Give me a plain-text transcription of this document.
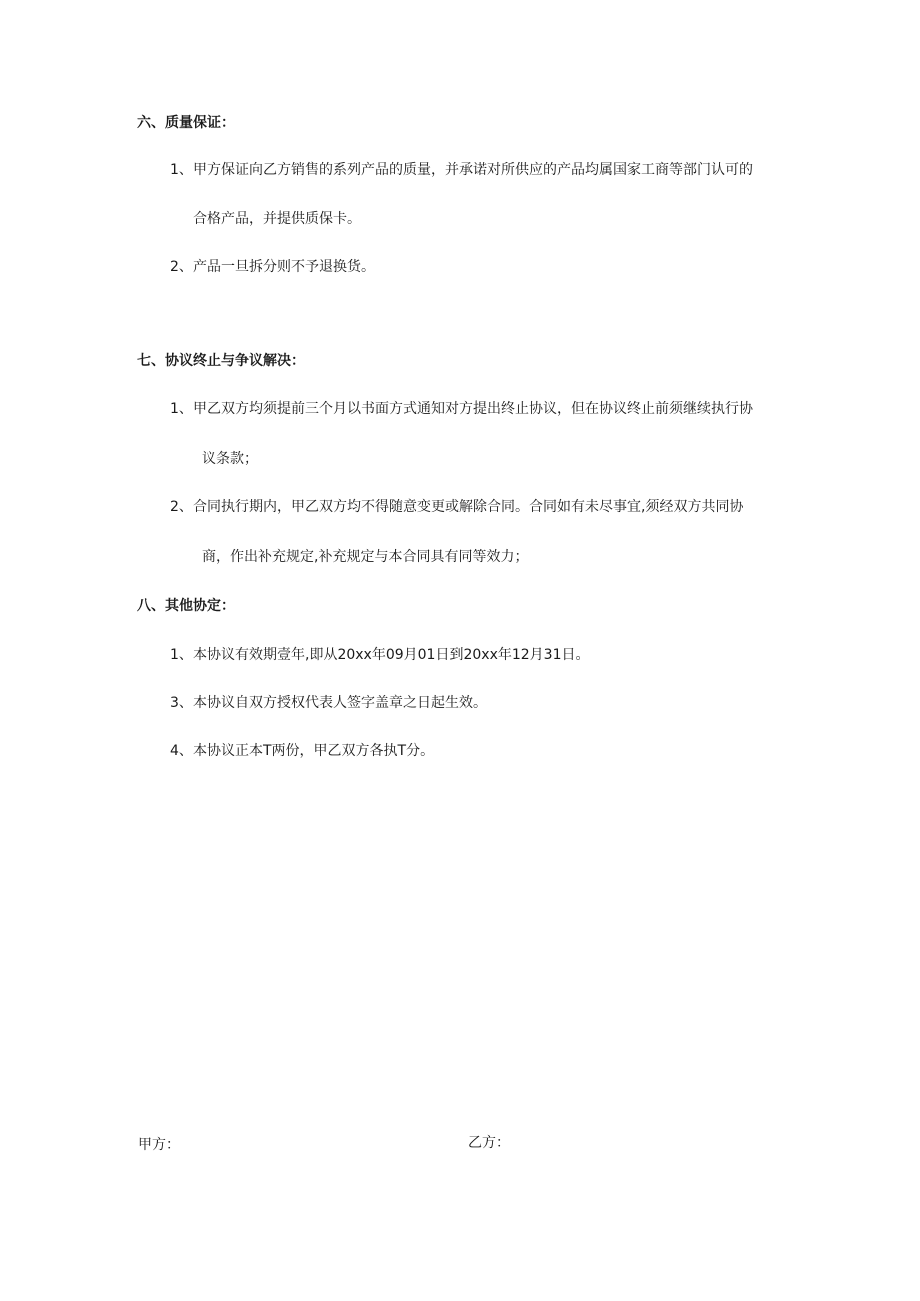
六、质量保证：
1、 甲方保证向乙方销售的系列产品的质量，并承诺对所供应的产品均属国家工商等部门认可的
合格产品，并提供质保卡。
2、 产品一旦拆分则不予退换货。
七、协议终止与争议解决：
1、 甲乙双方均须提前三个月以书面方式通知对方提出终止协议，但在协议终止前须继续执行协
议条款；
2、 合同执行期内，甲乙双方均不得随意变更或解除合同。合同如有未尽事宜,须经双方共同协
商，作出补充规定,补充规定与本合同具有同等效力；
八、其他协定：
1、 本协议有效期壹年,即从20xx年09月01日到20xx年12月31日。
3、 本协议自双方授权代表人签字盖章之日起生效。
4、 本协议正本T两份，甲乙双方各执T分。
甲方：	乙方：
